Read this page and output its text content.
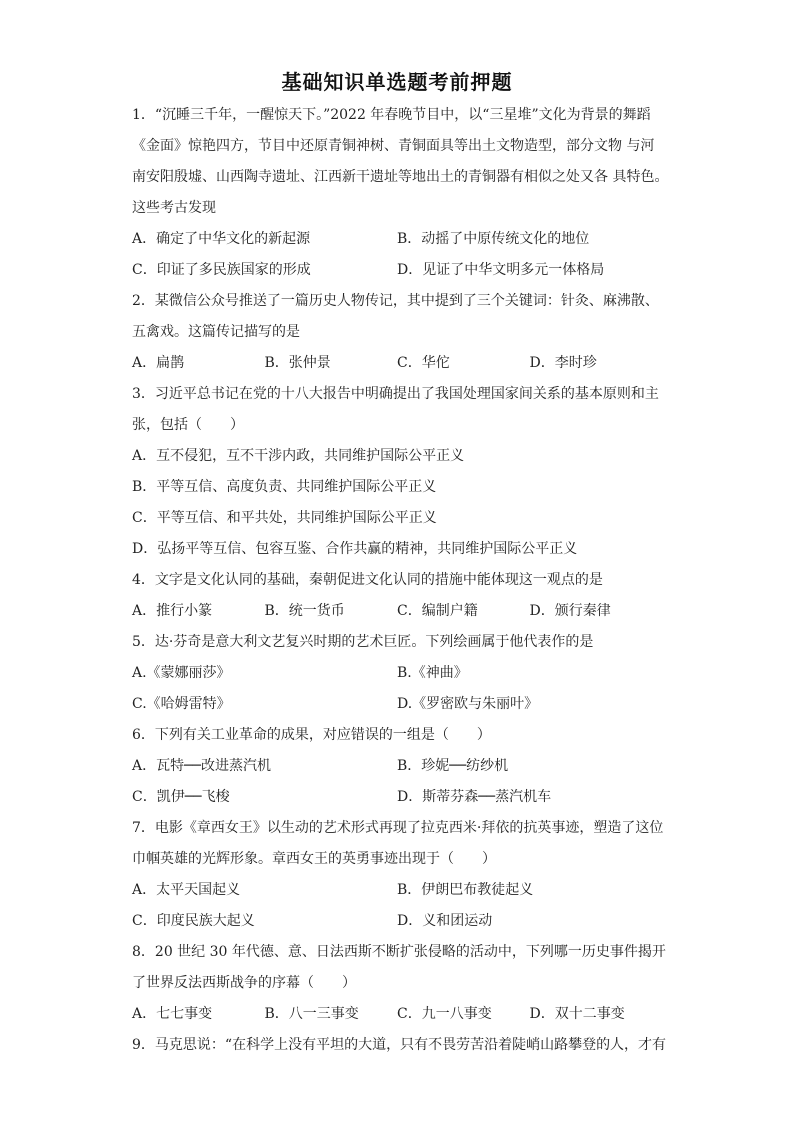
基础知识单选题考前押题
1．“沉睡三千年，一醒惊天下。”2022 年春晚节目中，以“三星堆”文化为背景的舞蹈
《金面》惊艳四方，节目中还原青铜神树、青铜面具等出土文物造型，部分文物 与河
南安阳殷墟、山西陶寺遗址、江西新干遗址等地出土的青铜器有相似之处又各 具特色。
这些考古发现
A．确定了中华文化的新起源	B．动摇了中原传统文化的地位
C．印证了多民族国家的形成	D．见证了中华文明多元一体格局
2．某微信公众号推送了一篇历史人物传记，其中提到了三个关键词：针灸、麻沸散、
五禽戏。这篇传记描写的是
A．扁鹊	B．张仲景	C．华佗	D．李时珍
3．习近平总书记在党的十八大报告中明确提出了我国处理国家间关系的基本原则和主
张，包括（　　）
A．互不侵犯，互不干涉内政，共同维护国际公平正义
B．平等互信、高度负责、共同维护国际公平正义
C．平等互信、和平共处，共同维护国际公平正义
D．弘扬平等互信、包容互鉴、合作共赢的精神，共同维护国际公平正义
4．文字是文化认同的基础，秦朝促进文化认同的措施中能体现这一观点的是
A．推行小篆	B．统一货币	C．编制户籍	D．颁行秦律
5．达·芬奇是意大利文艺复兴时期的艺术巨匠。下列绘画属于他代表作的是
A.《蒙娜丽莎》	B.《神曲》
C.《哈姆雷特》	D.《罗密欧与朱丽叶》
6．下列有关工业革命的成果，对应错误的一组是（　　）
A．瓦特──改进蒸汽机	B．珍妮──纺纱机
C．凯伊──飞梭	D．斯蒂芬森──蒸汽机车
7．电影《章西女王》以生动的艺术形式再现了拉克西米·拜依的抗英事迹，塑造了这位
巾帼英雄的光辉形象。章西女王的英勇事迹出现于（　　）
A．太平天国起义	B．伊朗巴布教徒起义
C．印度民族大起义	D．义和团运动
8．20 世纪 30 年代德、意、日法西斯不断扩张侵略的活动中，下列哪一历史事件揭开
了世界反法西斯战争的序幕（　　）
A．七七事变	B．八一三事变	C．九一八事变	D．双十二事变
9．马克思说：“在科学上没有平坦的大道，只有不畏劳苦沿着陡峭山路攀登的人，才有
